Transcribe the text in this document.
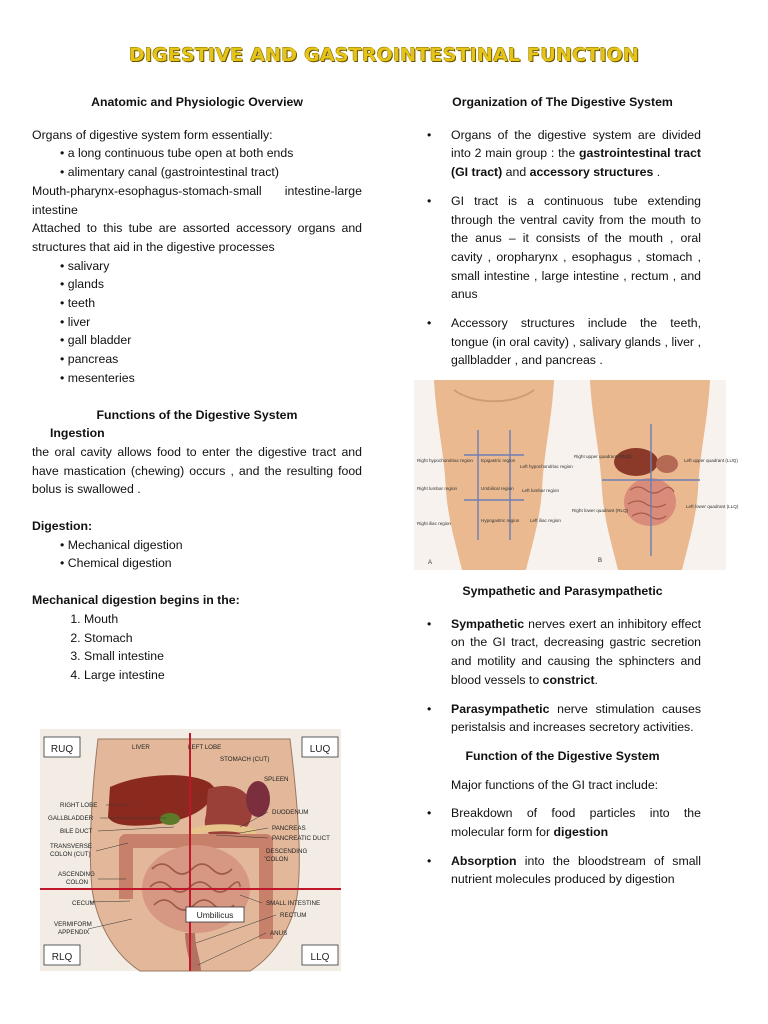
DIGESTIVE AND GASTROINTESTINAL FUNCTION

Anatomic and Physiologic Overview

Organs of digestive system form essentially:

• a long continuous tube open at both ends
• alimentary canal (gastrointestinal tract)

Mouth-pharynx-esophagus-stomach-small intestine-large intestine

Attached to this tube are assorted accessory organs and structures that aid in the digestive processes

• salivary
• glands
• teeth
• liver
• gall bladder
• pancreas
• mesenteries

Functions of the Digestive System

Ingestion

the oral cavity allows food to enter the digestive tract and have mastication (chewing) occurs , and the resulting food bolus is swallowed .

Digestion:

• Mechanical digestion
• Chemical digestion

Mechanical digestion begins in the:

1. Mouth
2. Stomach
3. Small intestine
4. Large intestine

Organization of The Digestive System

• Organs of the digestive system are divided into 2 main group : the gastrointestinal tract (GI tract) and accessory structures .

• GI tract is a continuous tube extending through the ventral cavity from the mouth to the anus – it consists of the mouth , oral cavity , oropharynx , esophagus , stomach , small intestine , large intestine , rectum , and anus

• Accessory structures include the teeth, tongue (in oral cavity) , salivary glands , liver , gallbladder , and pancreas .

Sympathetic and Parasympathetic

• Sympathetic nerves exert an inhibitory effect on the GI tract, decreasing gastric secretion and motility and causing the sphincters and blood vessels to constrict.

• Parasympathetic nerve stimulation causes peristalsis and increases secretory activities.

Function of the Digestive System

Major functions of the GI tract include:

• Breakdown of food particles into the molecular form for digestion

• Absorption into the bloodstream of small nutrient molecules produced by digestion

Right hypochondriac region
Right lumbar region
Right iliac region
Epigastric region
Umbilical region
Hypogastric region
Left hypochondriac region
Left lumbar region
Left iliac region
A
Right upper quadrant (RUQ)
Right lower quadrant (RLQ)
Left upper quadrant (LUQ)
Left lower quadrant (LLQ)
B
RUQ	LUQ
RLQ	LLQ
Umbilicus
LIVER
RIGHT LOBE
GALLBLADDER
BILE DUCT
TRANSVERSE
COLON (CUT)
ASCENDING
COLON
CECUM
VERMIFORM
APPENDIX
LEFT LOBE
STOMACH (CUT)
SPLEEN
DUODENUM
PANCREAS
PANCREATIC DUCT
DESCENDING
COLON
SMALL INTESTINE
RECTUM
ANUS
